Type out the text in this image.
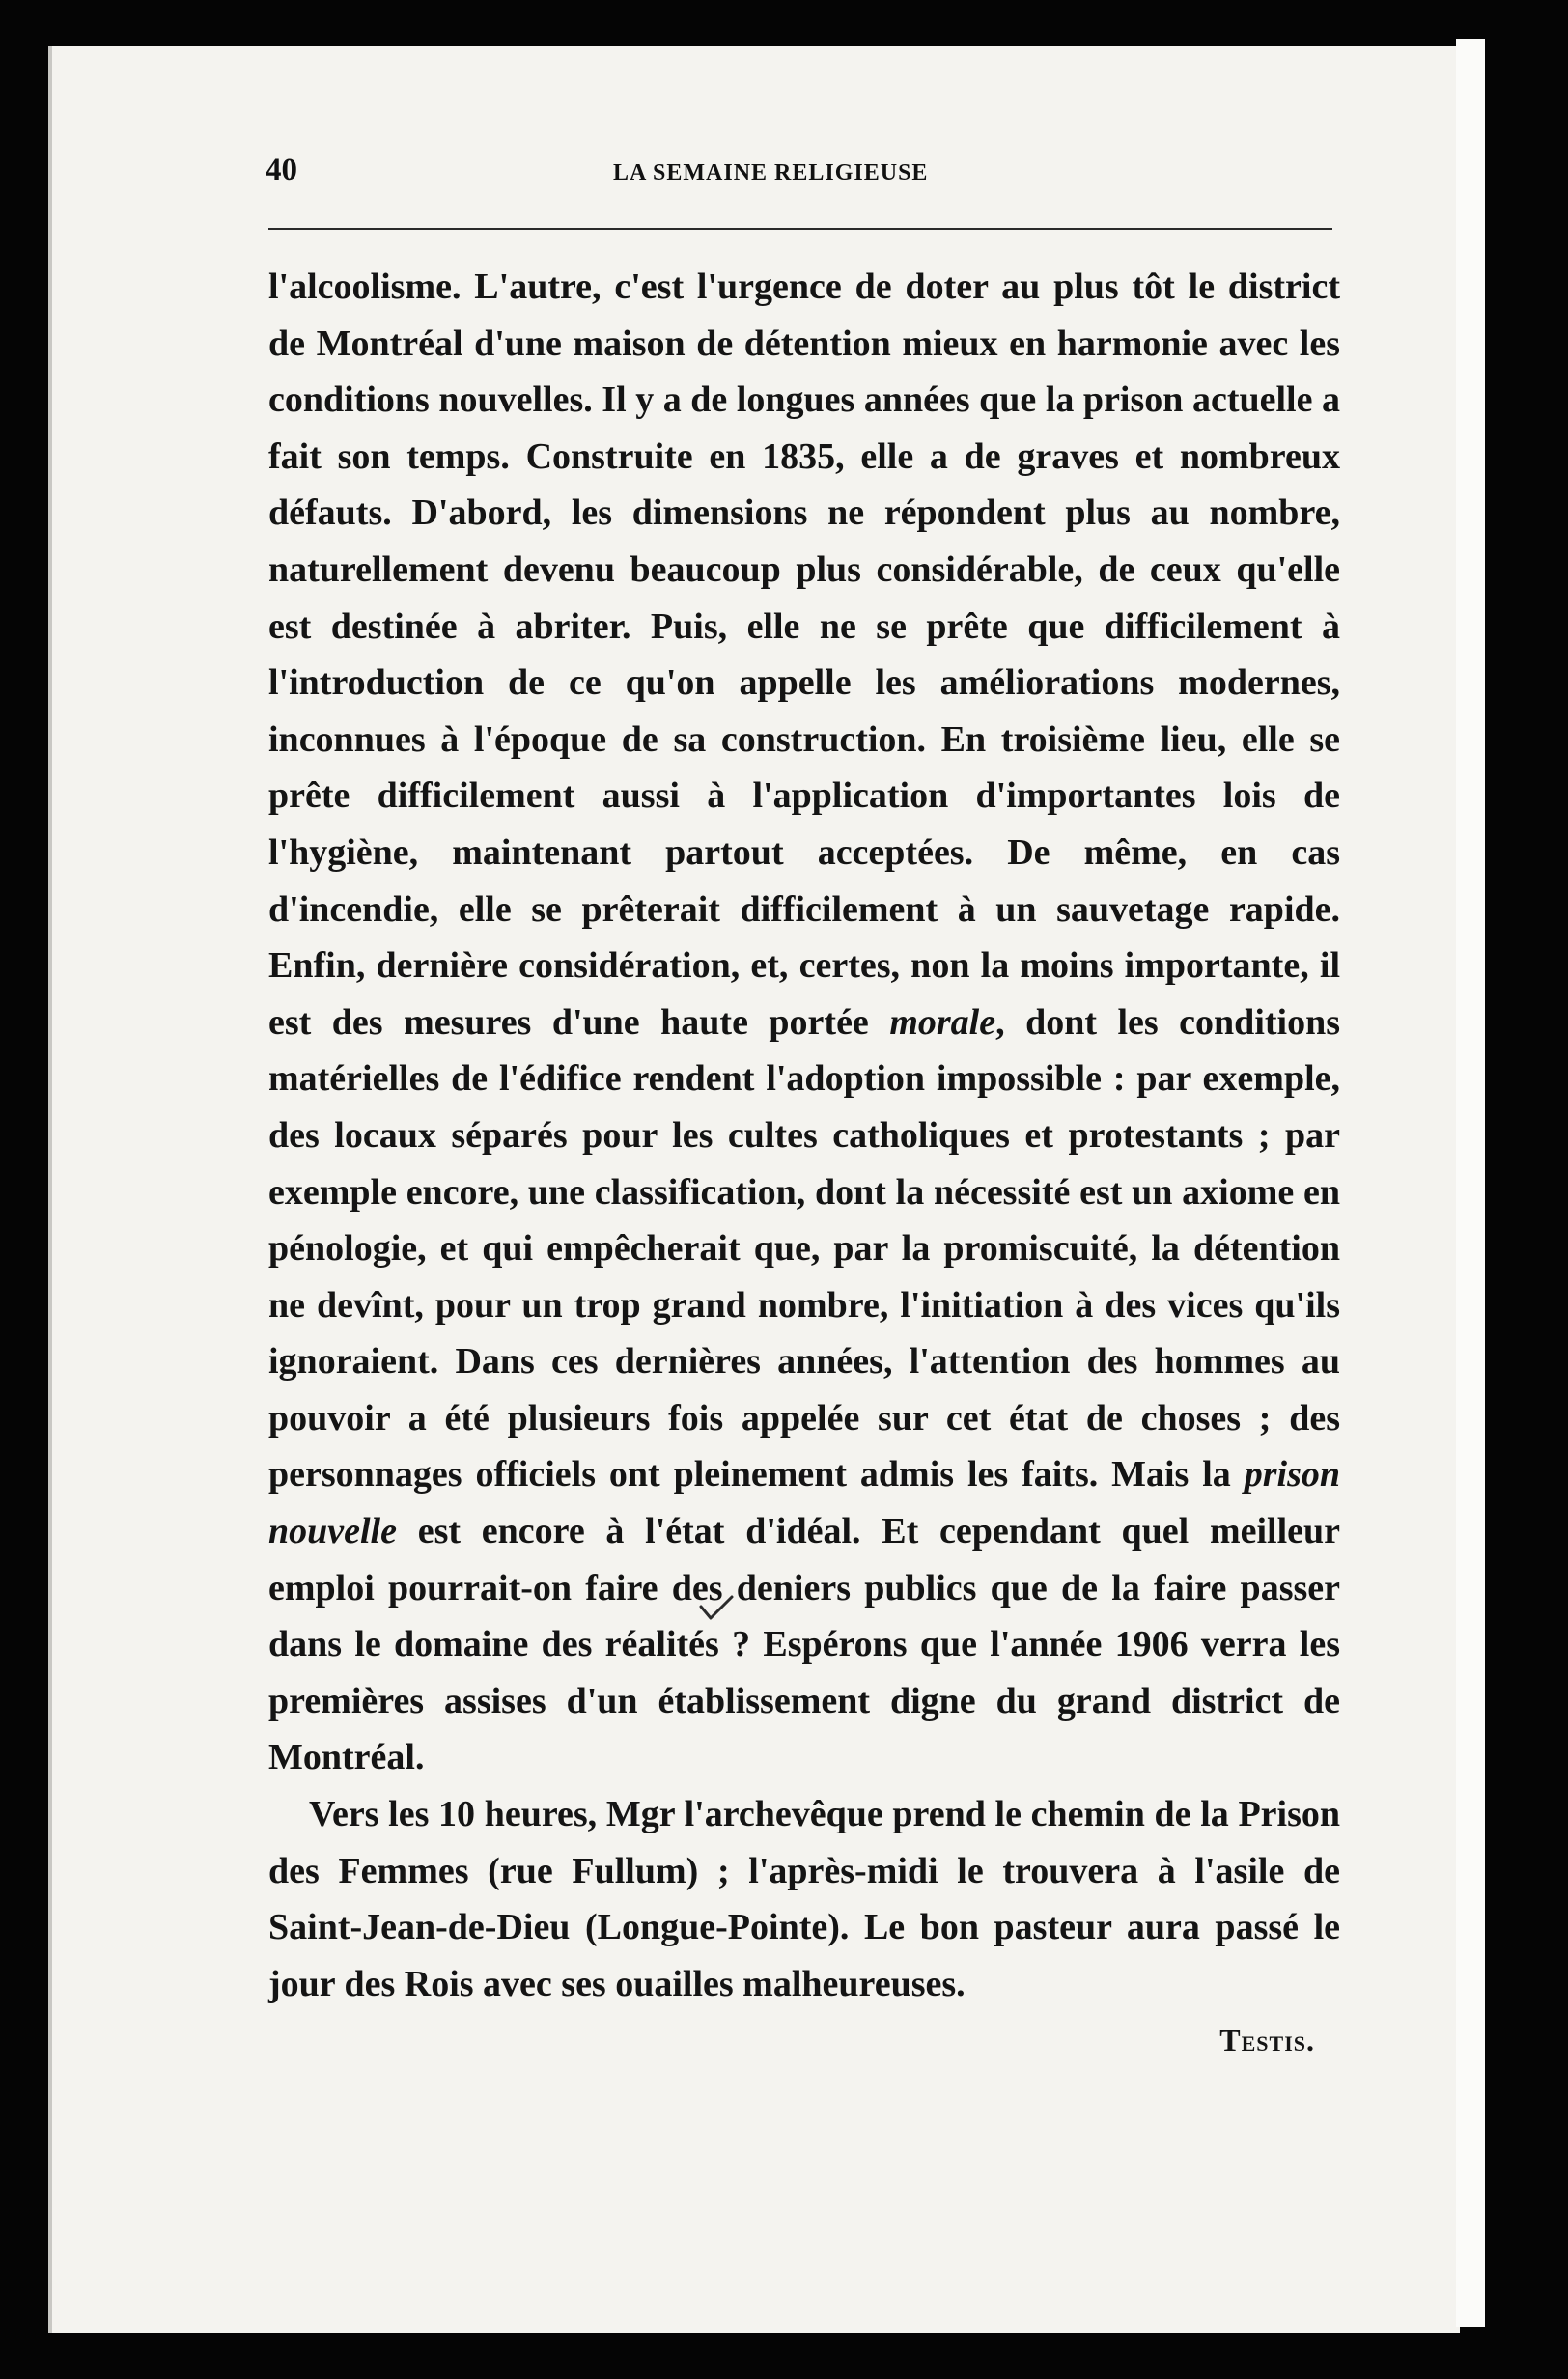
40	LA SEMAINE RELIGIEUSE

l'alcoolisme. L'autre, c'est l'urgence de doter au plus tôt le district de Montréal d'une maison de détention mieux en harmonie avec les conditions nouvelles. Il y a de longues années que la prison actuelle a fait son temps. Construite en 1835, elle a de graves et nombreux défauts. D'abord, les dimensions ne répondent plus au nombre, naturellement devenu beaucoup plus considérable, de ceux qu'elle est destinée à abriter. Puis, elle ne se prête que difficilement à l'introduction de ce qu'on appelle les améliorations modernes, inconnues à l'époque de sa construction. En troisième lieu, elle se prête difficilement aussi à l'application d'importantes lois de l'hygiène, maintenant partout acceptées. De même, en cas d'incendie, elle se prêterait difficilement à un sauvetage rapide. Enfin, dernière considération, et, certes, non la moins importante, il est des mesures d'une haute portée morale, dont les conditions matérielles de l'édifice rendent l'adoption impossible : par exemple, des locaux séparés pour les cultes catholiques et protestants ; par exemple encore, une classification, dont la nécessité est un axiome en pénologie, et qui empêcherait que, par la promiscuité, la détention ne devînt, pour un trop grand nombre, l'initiation à des vices qu'ils ignoraient. Dans ces dernières années, l'attention des hommes au pouvoir a été plusieurs fois appelée sur cet état de choses ; des personnages officiels ont pleinement admis les faits. Mais la prison nouvelle est encore à l'état d'idéal. Et cependant quel meilleur emploi pourrait-on faire des deniers publics que de la faire passer dans le domaine des réalités ? Espérons que l'année 1906 verra les premières assises d'un établissement digne du grand district de Montréal.

Vers les 10 heures, Mgr l'archevêque prend le chemin de la Prison des Femmes (rue Fullum) ; l'après-midi le trouvera à l'asile de Saint-Jean-de-Dieu (Longue-Pointe). Le bon pasteur aura passé le jour des Rois avec ses ouailles malheureuses.

Testis.
